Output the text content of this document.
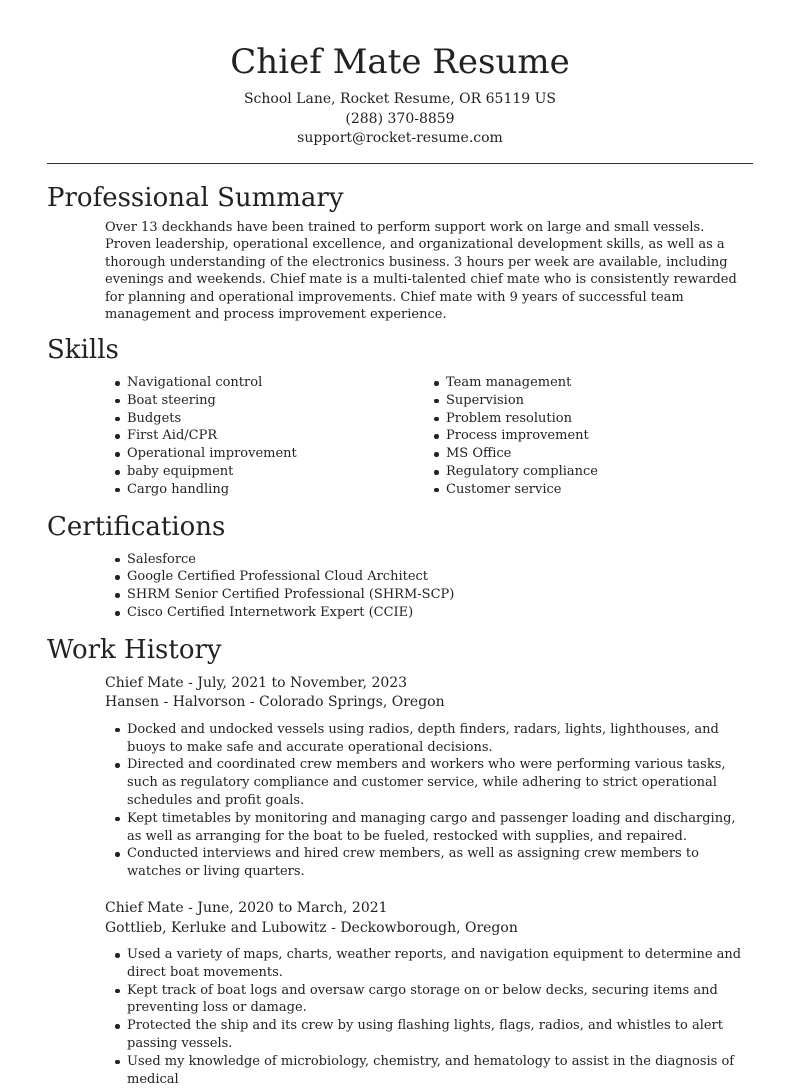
Chief Mate Resume
School Lane, Rocket Resume, OR 65119 US
(288) 370-8859
support@rocket-resume.com
Professional Summary

Over 13 deckhands have been trained to perform support work on large and small vessels. Proven leadership, operational excellence, and organizational development skills, as well as a thorough understanding of the electronics business. 3 hours per week are available, including evenings and weekends. Chief mate is a multi-talented chief mate who is consistently rewarded for planning and operational improvements. Chief mate with 9 years of successful team management and process improvement experience.

Skills
Navigational control
Boat steering
Budgets
First Aid/CPR
Operational improvement
baby equipment
Cargo handling
Team management
Supervision
Problem resolution
Process improvement
MS Office
Regulatory compliance
Customer service
Certifications
Salesforce
Google Certified Professional Cloud Architect
SHRM Senior Certified Professional (SHRM-SCP)
Cisco Certified Internetwork Expert (CCIE)
Work History
Chief Mate - July, 2021 to November, 2023
Hansen - Halvorson - Colorado Springs, Oregon
Docked and undocked vessels using radios, depth finders, radars, lights, lighthouses, and buoys to make safe and accurate operational decisions.
Directed and coordinated crew members and workers who were performing various tasks, such as regulatory compliance and customer service, while adhering to strict operational schedules and profit goals.
Kept timetables by monitoring and managing cargo and passenger loading and discharging, as well as arranging for the boat to be fueled, restocked with supplies, and repaired.
Conducted interviews and hired crew members, as well as assigning crew members to watches or living quarters.
Chief Mate - June, 2020 to March, 2021
Gottlieb, Kerluke and Lubowitz - Deckowborough, Oregon
Used a variety of maps, charts, weather reports, and navigation equipment to determine and direct boat movements.
Kept track of boat logs and oversaw cargo storage on or below decks, securing items and preventing loss or damage.
Protected the ship and its crew by using flashing lights, flags, radios, and whistles to alert passing vessels.
Used my knowledge of microbiology, chemistry, and hematology to assist in the diagnosis of medical
